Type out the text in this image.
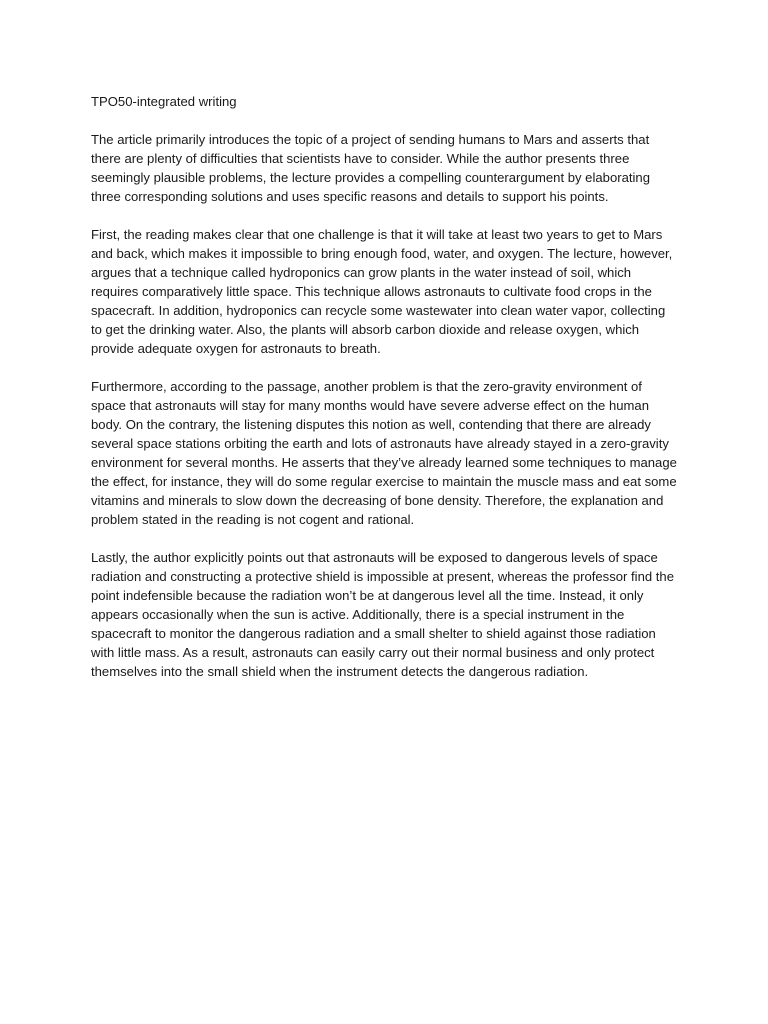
TPO50-integrated writing

The article primarily introduces the topic of a project of sending humans to Mars and asserts that there are plenty of difficulties that scientists have to consider. While the author presents three seemingly plausible problems, the lecture provides a compelling counterargument by elaborating three corresponding solutions and uses specific reasons and details to support his points.

First, the reading makes clear that one challenge is that it will take at least two years to get to Mars and back, which makes it impossible to bring enough food, water, and oxygen. The lecture, however, argues that a technique called hydroponics can grow plants in the water instead of soil, which requires comparatively little space. This technique allows astronauts to cultivate food crops in the spacecraft. In addition, hydroponics can recycle some wastewater into clean water vapor, collecting to get the drinking water. Also, the plants will absorb carbon dioxide and release oxygen, which provide adequate oxygen for astronauts to breath.

Furthermore, according to the passage, another problem is that the zero-gravity environment of space that astronauts will stay for many months would have severe adverse effect on the human body. On the contrary, the listening disputes this notion as well, contending that there are already several space stations orbiting the earth and lots of astronauts have already stayed in a zero-gravity environment for several months. He asserts that they’ve already learned some techniques to manage the effect, for instance, they will do some regular exercise to maintain the muscle mass and eat some vitamins and minerals to slow down the decreasing of bone density. Therefore, the explanation and problem stated in the reading is not cogent and rational.

Lastly, the author explicitly points out that astronauts will be exposed to dangerous levels of space radiation and constructing a protective shield is impossible at present, whereas the professor find the point indefensible because the radiation won’t be at dangerous level all the time. Instead, it only appears occasionally when the sun is active. Additionally, there is a special instrument in the spacecraft to monitor the dangerous radiation and a small shelter to shield against those radiation with little mass. As a result, astronauts can easily carry out their normal business and only protect themselves into the small shield when the instrument detects the dangerous radiation.
